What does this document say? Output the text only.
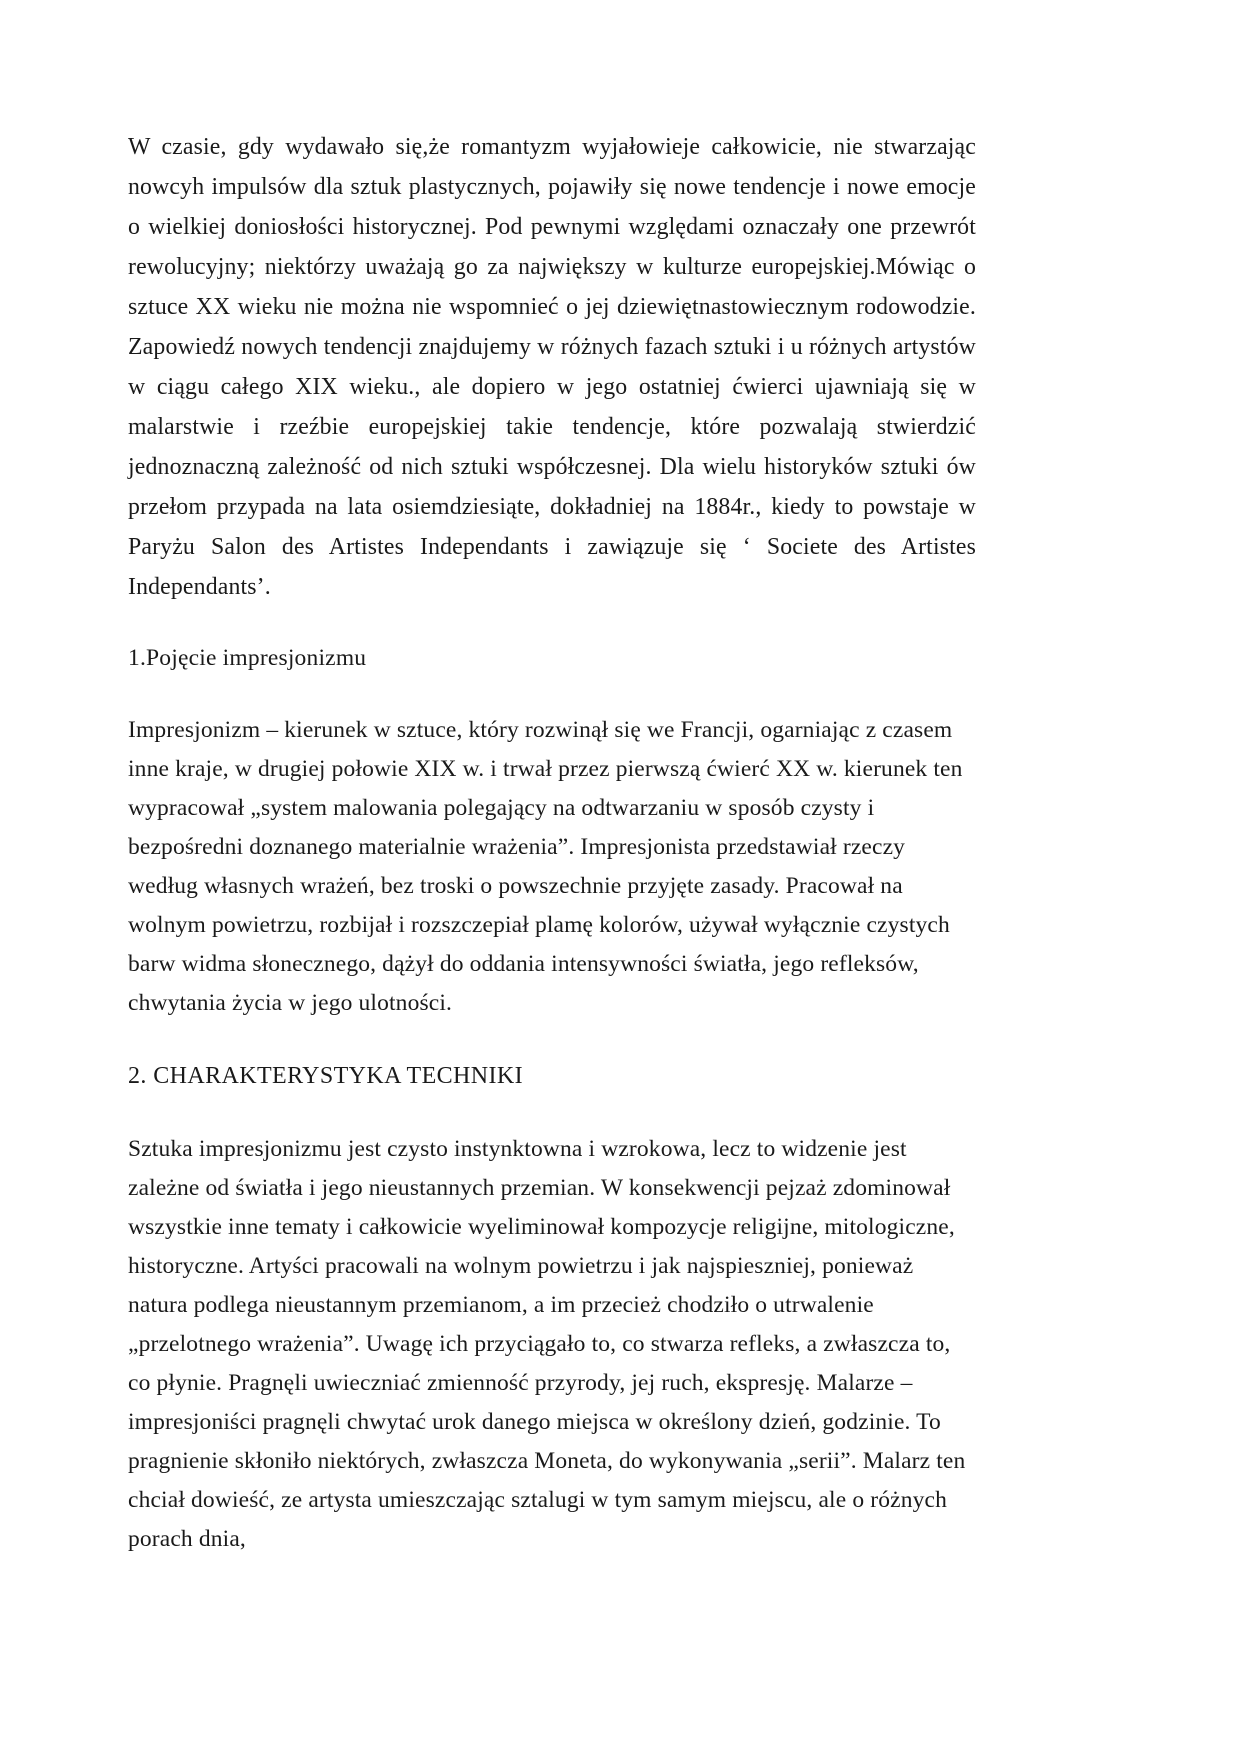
W czasie, gdy wydawało się,że romantyzm wyjałowieje całkowicie, nie stwarzając nowcyh impulsów dla sztuk plastycznych, pojawiły się nowe tendencje i nowe emocje o wielkiej doniosłości historycznej. Pod pewnymi względami oznaczały one przewrót rewolucyjny; niektórzy uważają go za największy w kulturze europejskiej.Mówiąc o sztuce XX wieku nie można nie wspomnieć o jej dziewiętnastowiecznym rodowodzie. Zapowiedź nowych tendencji znajdujemy w różnych fazach sztuki i u różnych artystów w ciągu całego XIX wieku., ale dopiero w jego ostatniej ćwierci ujawniają się w malarstwie i rzeźbie europejskiej takie tendencje, które pozwalają stwierdzić jednoznaczną zależność od nich sztuki współczesnej. Dla wielu historyków sztuki ów przełom przypada na lata osiemdziesiąte, dokładniej na 1884r., kiedy to powstaje w Paryżu Salon des Artistes Independants i zawiązuje się ‘ Societe des Artistes Independants’.

1.Pojęcie impresjonizmu

Impresjonizm – kierunek w sztuce, który rozwinął się we Francji, ogarniając z czasem inne kraje, w drugiej połowie XIX w. i trwał przez pierwszą ćwierć XX w. kierunek ten wypracował „system malowania polegający na odtwarzaniu w sposób czysty i bezpośredni doznanego materialnie wrażenia”. Impresjonista przedstawiał rzeczy według własnych wrażeń, bez troski o powszechnie przyjęte zasady. Pracował na wolnym powietrzu, rozbijał i rozszczepiał plamę kolorów, używał wyłącznie czystych barw widma słonecznego, dążył do oddania intensywności światła, jego refleksów, chwytania życia w jego ulotności.

2. CHARAKTERYSTYKA TECHNIKI

Sztuka impresjonizmu jest czysto instynktowna i wzrokowa, lecz to widzenie jest zależne od światła i jego nieustannych przemian. W konsekwencji pejzaż zdominował wszystkie inne tematy i całkowicie wyeliminował kompozycje religijne, mitologiczne, historyczne. Artyści pracowali na wolnym powietrzu i jak najspieszniej, ponieważ natura podlega nieustannym przemianom, a im przecież chodziło o utrwalenie „przelotnego wrażenia”. Uwagę ich przyciągało to, co stwarza refleks, a zwłaszcza to, co płynie. Pragnęli uwieczniać zmienność przyrody, jej ruch, ekspresję. Malarze – impresjoniści pragnęli chwytać urok danego miejsca w określony dzień, godzinie. To pragnienie skłoniło niektórych, zwłaszcza Moneta, do wykonywania „serii”. Malarz ten chciał dowieść, ze artysta umieszczając sztalugi w tym samym miejscu, ale o różnych porach dnia,
